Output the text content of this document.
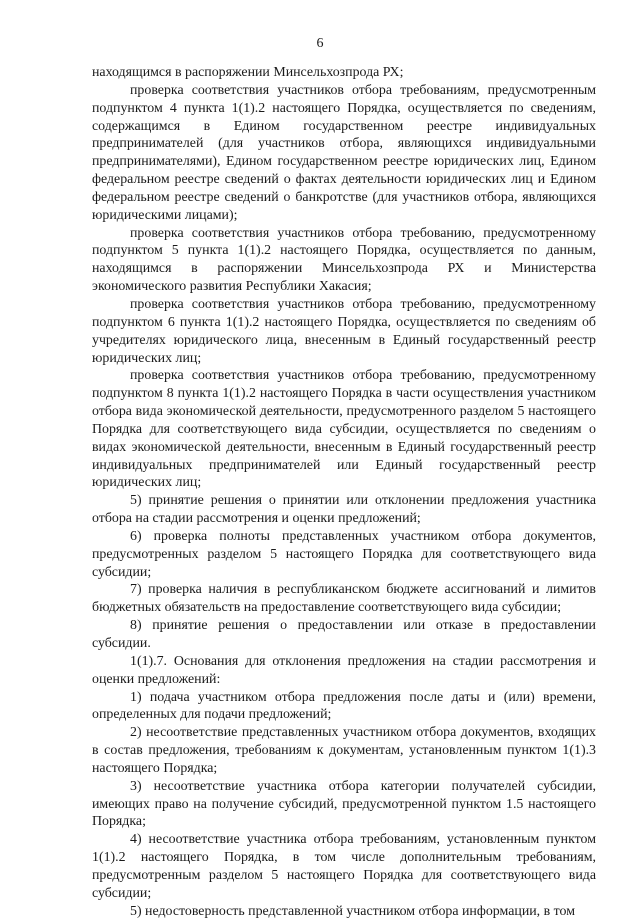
6

находящимся в распоряжении Минсельхозпрода РХ;

проверка соответствия участников отбора требованиям, предусмотренным подпунктом 4 пункта 1(1).2 настоящего Порядка, осуществляется по сведениям, содержащимся в Едином государственном реестре индивидуальных предпринимателей (для участников отбора, являющихся индивидуальными предпринимателями), Едином государственном реестре юридических лиц, Едином федеральном реестре сведений о фактах деятельности юридических лиц и Едином федеральном реестре сведений о банкротстве (для участников отбора, являющихся юридическими лицами);

проверка соответствия участников отбора требованию, предусмотренному подпунктом 5 пункта 1(1).2 настоящего Порядка, осуществляется по данным, находящимся в распоряжении Минсельхозпрода РХ и Министерства экономического развития Республики Хакасия;

проверка соответствия участников отбора требованию, предусмотренному подпунктом 6 пункта 1(1).2 настоящего Порядка, осуществляется по сведениям об учредителях юридического лица, внесенным в Единый государственный реестр юридических лиц;

проверка соответствия участников отбора требованию, предусмотренному подпунктом 8 пункта 1(1).2 настоящего Порядка в части осуществления участником отбора вида экономической деятельности, предусмотренного разделом 5 настоящего Порядка для соответствующего вида субсидии, осуществляется по сведениям о видах экономической деятельности, внесенным в Единый государственный реестр индивидуальных предпринимателей или Единый государственный реестр юридических лиц;

5) принятие решения о принятии или отклонении предложения участника отбора на стадии рассмотрения и оценки предложений;

6) проверка полноты представленных участником отбора документов, предусмотренных разделом 5 настоящего Порядка для соответствующего вида субсидии;

7) проверка наличия в республиканском бюджете ассигнований и лимитов бюджетных обязательств на предоставление соответствующего вида субсидии;

8) принятие решения о предоставлении или отказе в предоставлении субсидии.

1(1).7. Основания для отклонения предложения на стадии рассмотрения и оценки предложений:

1) подача участником отбора предложения после даты и (или) времени, определенных для подачи предложений;

2) несоответствие представленных участником отбора документов, входящих в состав предложения, требованиям к документам, установленным пунктом 1(1).3 настоящего Порядка;

3) несоответствие участника отбора категории получателей субсидии, имеющих право на получение субсидий, предусмотренной пунктом 1.5 настоящего Порядка;

4) несоответствие участника отбора требованиям, установленным пунктом 1(1).2 настоящего Порядка, в том числе дополнительным требованиям, предусмотренным разделом 5 настоящего Порядка для соответствующего вида субсидии;

5) недостоверность представленной участником отбора информации, в том
